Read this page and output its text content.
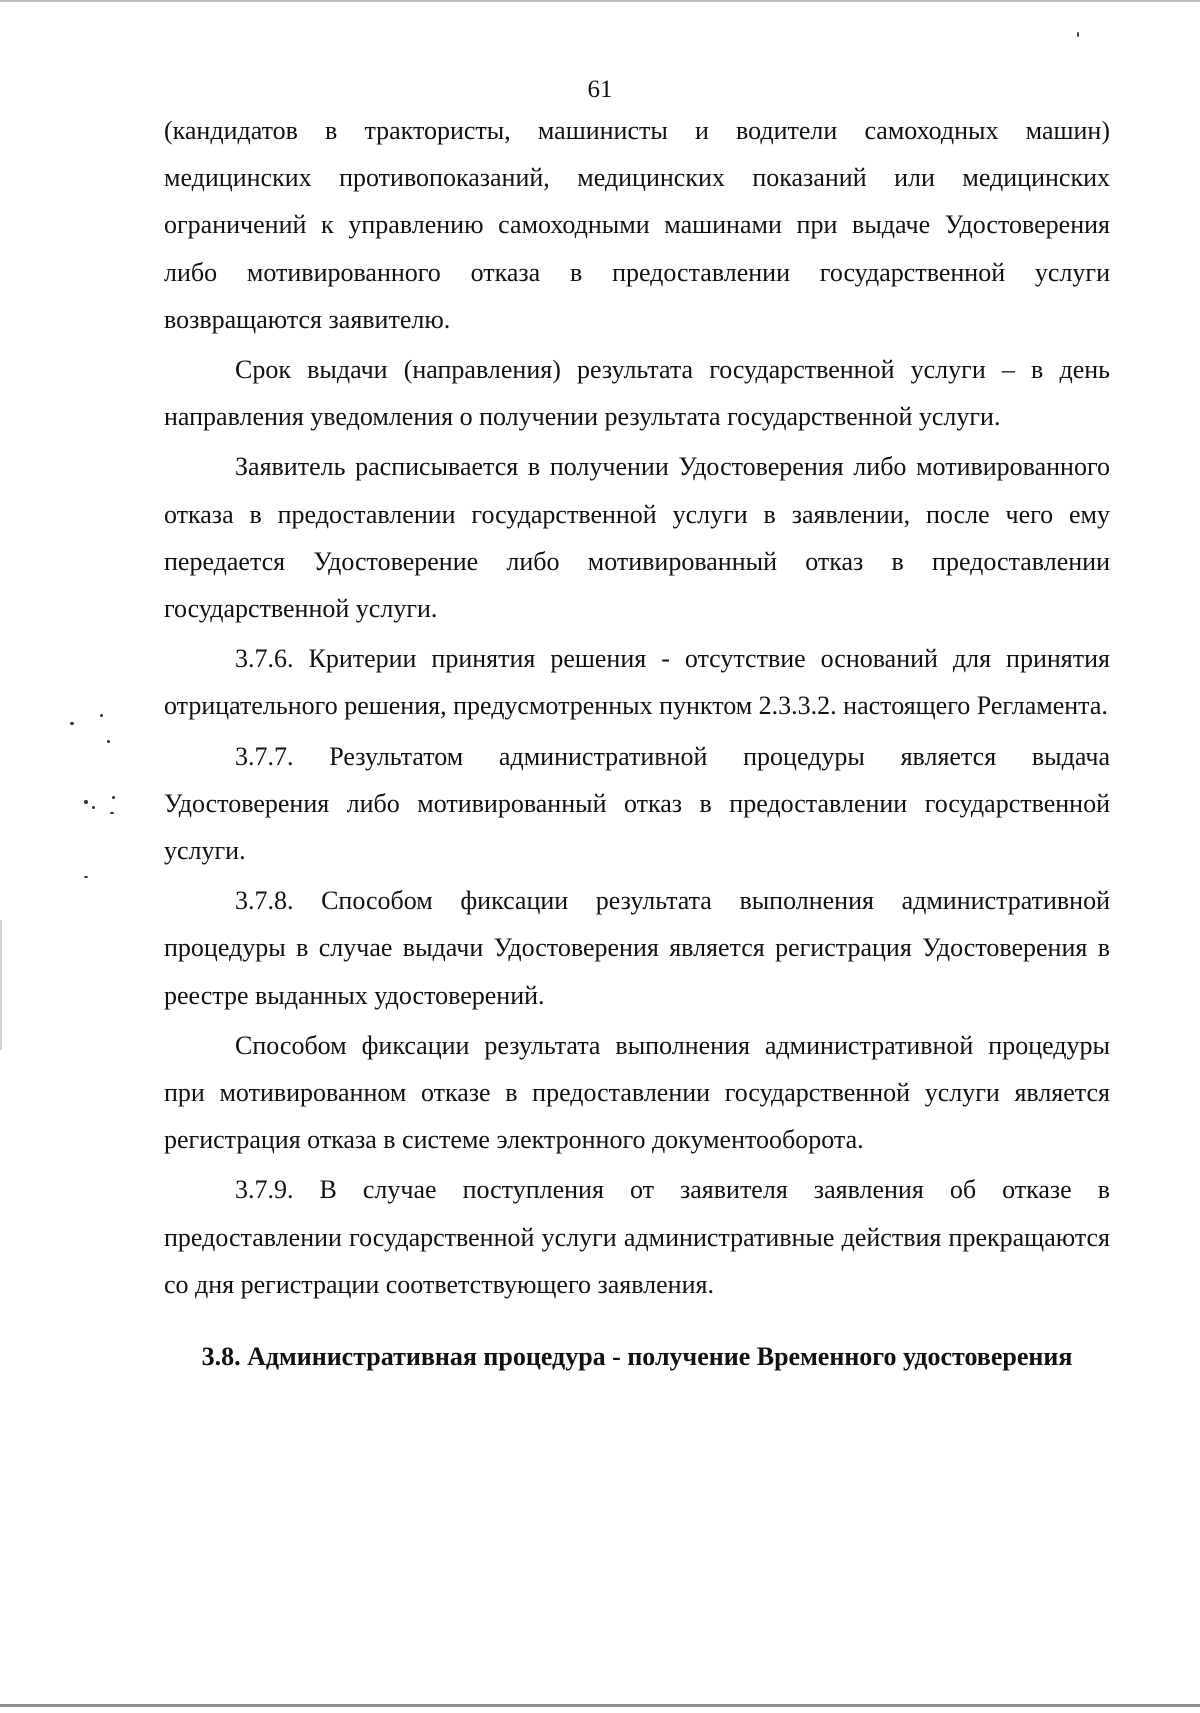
61

(кандидатов в трактористы, машинисты и водители самоходных машин) медицинских противопоказаний, медицинских показаний или медицинских ограничений к управлению самоходными машинами при выдаче Удостоверения либо мотивированного отказа в предоставлении государственной услуги возвращаются заявителю.

Срок выдачи (направления) результата государственной услуги – в день направления уведомления о получении результата государственной услуги.

Заявитель расписывается в получении Удостоверения либо мотивированного отказа в предоставлении государственной услуги в заявлении, после чего ему передается Удостоверение либо мотивированный отказ в предоставлении государственной услуги.

3.7.6. Критерии принятия решения - отсутствие оснований для принятия отрицательного решения, предусмотренных пунктом 2.3.3.2. настоящего Регламента.

3.7.7. Результатом административной процедуры является выдача Удостоверения либо мотивированный отказ в предоставлении государственной услуги.

3.7.8. Способом фиксации результата выполнения административной процедуры в случае выдачи Удостоверения является регистрация Удостоверения в реестре выданных удостоверений.

Способом фиксации результата выполнения административной процедуры при мотивированном отказе в предоставлении государственной услуги является регистрация отказа в системе электронного документооборота.

3.7.9. В случае поступления от заявителя заявления об отказе в предоставлении государственной услуги административные действия прекращаются со дня регистрации соответствующего заявления.

3.8. Административная процедура - получение Временного удостоверения
